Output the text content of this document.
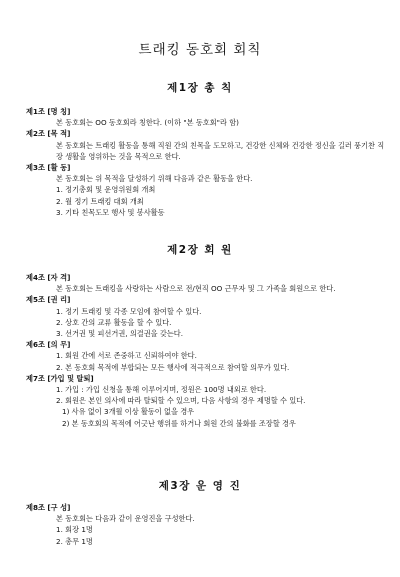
트래킹 동호회 회칙
제1장 총 칙
제1조 [명 칭]
본 동호회는 OO 동호회라 칭한다. (이하 "본 동호회"라 함)
제2조 [목 적]
본 동호회는 트래킹 활동을 통해 직원 간의 친목을 도모하고, 건강한 신체와 건강한 정신을 길러 풍기찬 직장 생활을 영위하는 것을 목적으로 한다.
제3조 [활 동]
본 동호회는 위 목적을 달성하기 위해 다음과 같은 활동을 한다.
1. 정기총회 및 운영위원회 개최
2. 월 정기 트래킹 대회 개최
3. 기타 친목도모 행사 및 봉사활동
제2장 회 원
제4조 [자 격]
본 동호회는 트래킹을 사랑하는 사람으로 전/현직 OO 근무자 및 그 가족을 회원으로 한다.
제5조 [권 리]
1. 정기 트래킹 및 각종 모임에 참여할 수 있다.
2. 상호 간의 교류 활동을 할 수 있다.
3. 선거권 및 피선거권, 의결권을 갖는다.
제6조 [의 무]
1. 회원 간에 서로 존중하고 신뢰하여야 한다.
2. 본 동호회 목적에 부합되는 모든 행사에 적극적으로 참여할 의무가 있다.
제7조 [가입 및 탈퇴]
1. 가입 : 가입 신청을 통해 이루어지며, 정원은 100명 내외로 한다.
2. 회원은 본인 의사에 따라 탈퇴할 수 있으며, 다음 사항의 경우 제명할 수 있다.
1) 사유 없이 3개월 이상 활동이 없을 경우
2) 본 동호회의 목적에 어긋난 행위를 하거나 회원 간의 불화를 조장할 경우
제3장 운 영 진
제8조 [구 성]
본 동호회는 다음과 같이 운영진을 구성한다.
1. 회장 1명
2. 총무 1명
